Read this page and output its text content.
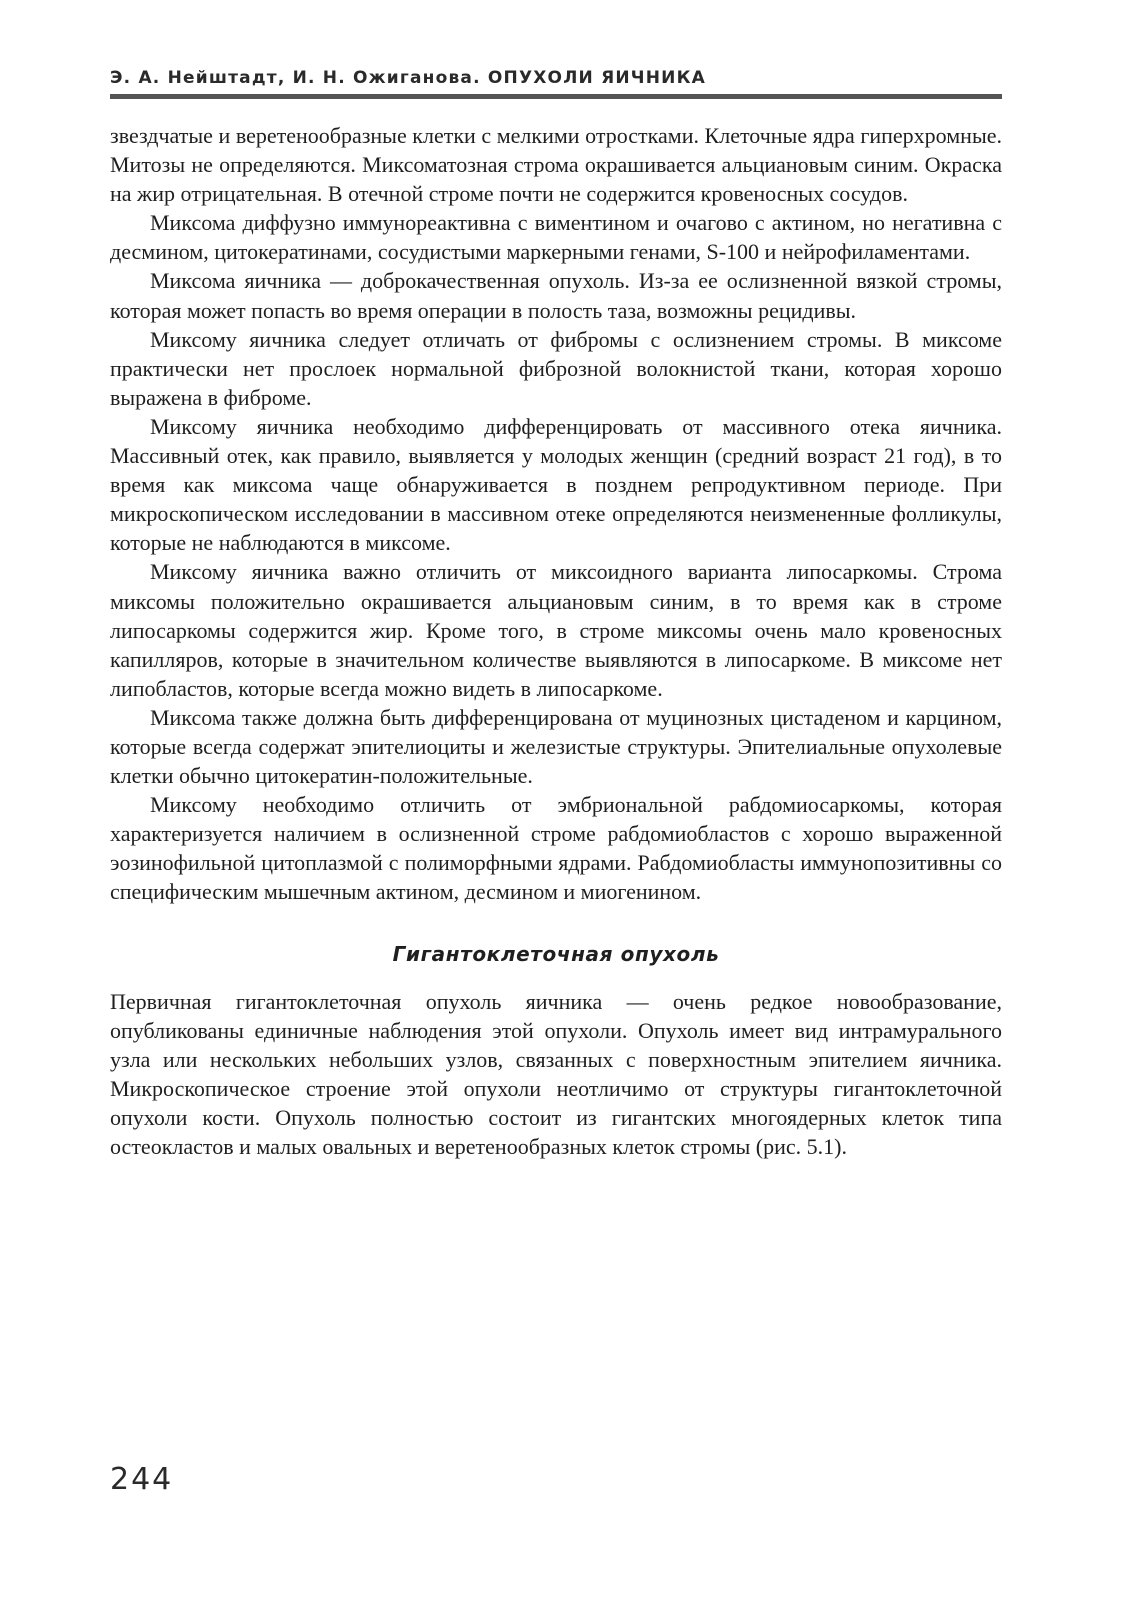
Э. А. Нейштадт, И. Н. Ожиганова. ОПУХОЛИ ЯИЧНИКА

звездчатые и веретенообразные клетки с мелкими отростками. Клеточные ядра гиперхромные. Митозы не определяются. Миксоматозная строма окрашивается альциановым синим. Окраска на жир отрицательная. В отечной строме почти не содержится кровеносных сосудов.

Миксома диффузно иммунореактивна с виментином и очагово с актином, но негативна с десмином, цитокератинами, сосудистыми маркерными генами, S-100 и нейрофиламентами.

Миксома яичника — доброкачественная опухоль. Из-за ее ослизненной вязкой стромы, которая может попасть во время операции в полость таза, возможны рецидивы.

Миксому яичника следует отличать от фибромы с ослизнением стромы. В миксоме практически нет прослоек нормальной фиброзной волокнистой ткани, которая хорошо выражена в фиброме.

Миксому яичника необходимо дифференцировать от массивного отека яичника. Массивный отек, как правило, выявляется у молодых женщин (средний возраст 21 год), в то время как миксома чаще обнаруживается в позднем репродуктивном периоде. При микроскопическом исследовании в массивном отеке определяются неизмененные фолликулы, которые не наблюдаются в миксоме.

Миксому яичника важно отличить от миксоидного варианта липосаркомы. Строма миксомы положительно окрашивается альциановым синим, в то время как в строме липосаркомы содержится жир. Кроме того, в строме миксомы очень мало кровеносных капилляров, которые в значительном количестве выявляются в липосаркоме. В миксоме нет липобластов, которые всегда можно видеть в липосаркоме.

Миксома также должна быть дифференцирована от муцинозных цистаденом и карцином, которые всегда содержат эпителиоциты и железистые структуры. Эпителиальные опухолевые клетки обычно цитокератин-положительные.

Миксому необходимо отличить от эмбриональной рабдомиосаркомы, которая характеризуется наличием в ослизненной строме рабдомиобластов с хорошо выраженной эозинофильной цитоплазмой с полиморфными ядрами. Рабдомиобласты иммунопозитивны со специфическим мышечным актином, десмином и миогенином.

Гигантоклеточная опухоль

Первичная гигантоклеточная опухоль яичника — очень редкое новообразование, опубликованы единичные наблюдения этой опухоли. Опухоль имеет вид интрамурального узла или нескольких небольших узлов, связанных с поверхностным эпителием яичника. Микроскопическое строение этой опухоли неотличимо от структуры гигантоклеточной опухоли кости. Опухоль полностью состоит из гигантских многоядерных клеток типа остеокластов и малых овальных и веретенообразных клеток стромы (рис. 5.1).

244
